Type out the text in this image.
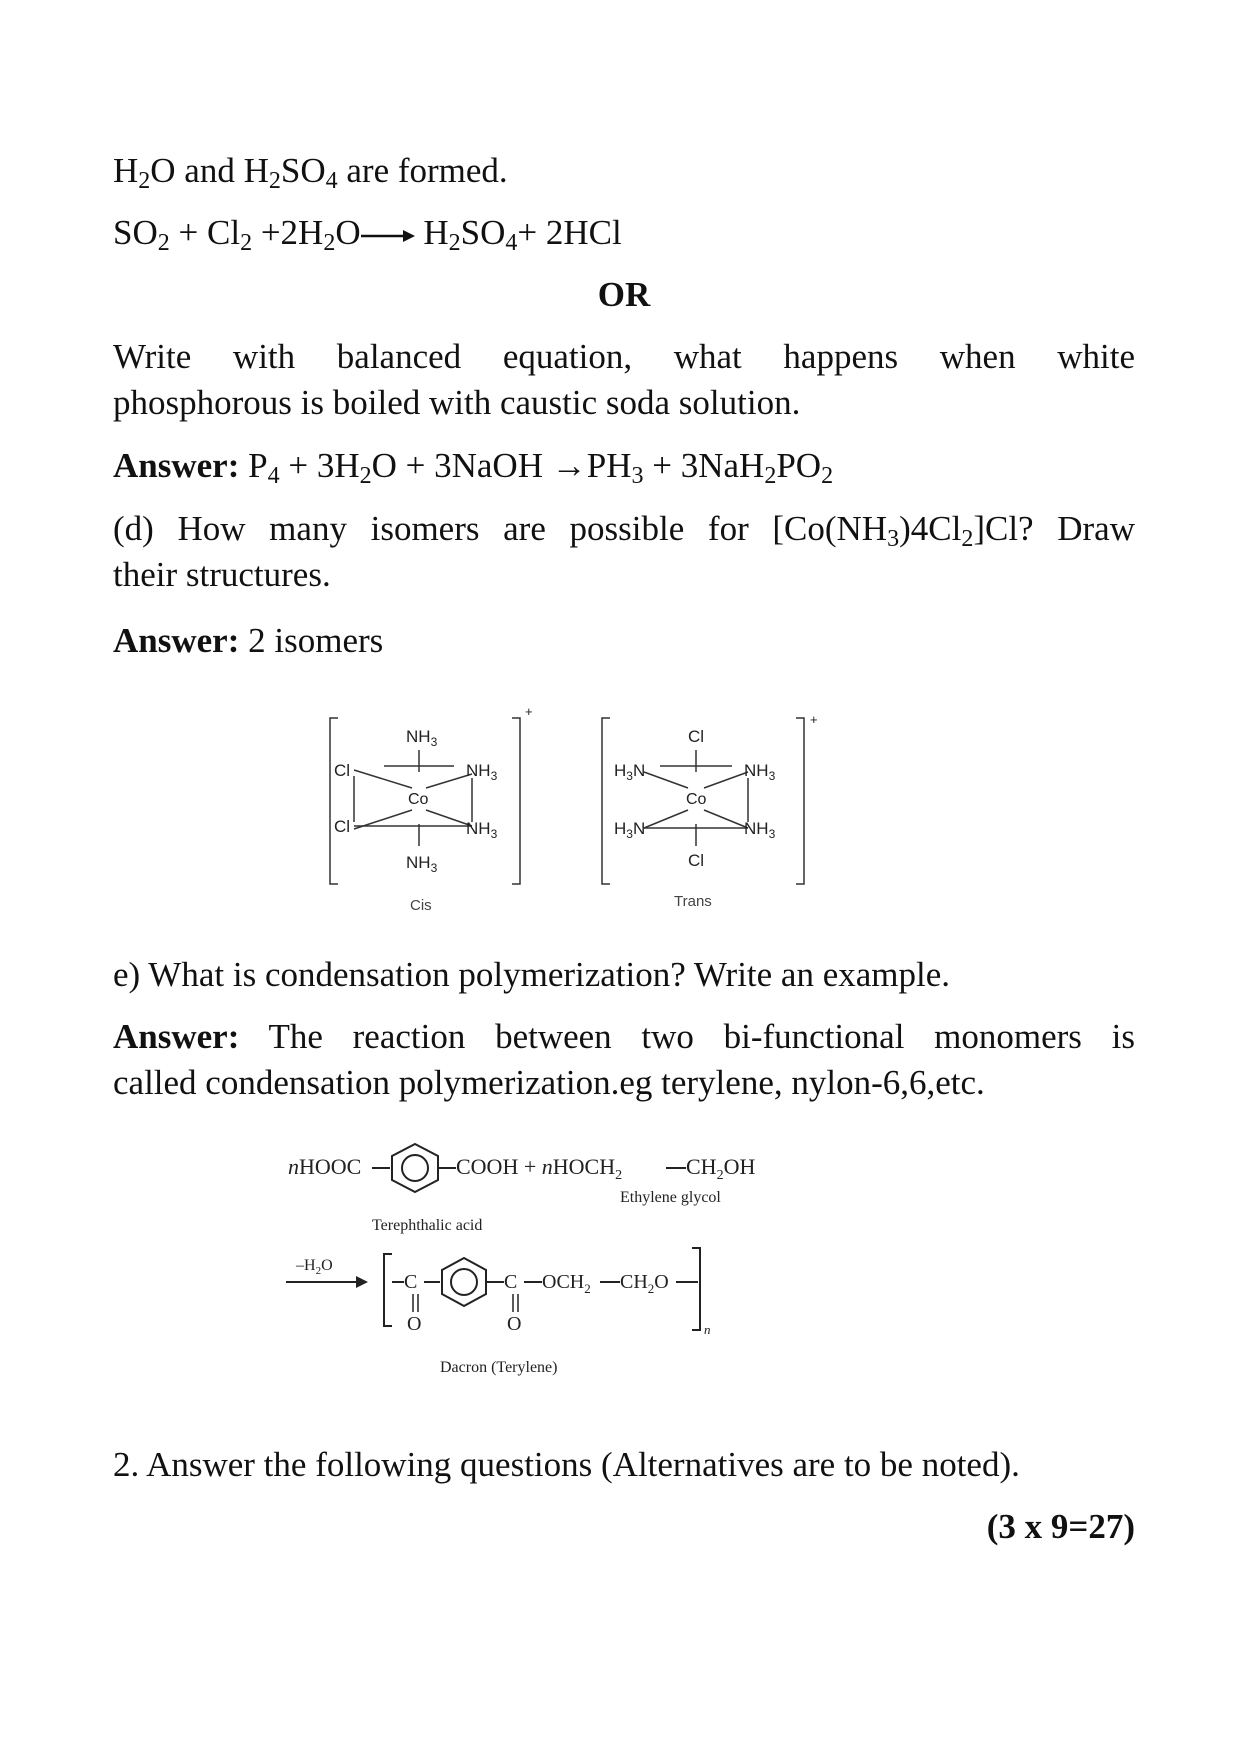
$H_2O$ and $H_2SO_4$ are formed.
$SO_2 + Cl_2 +2H_2O\to H_2SO_4+ 2HCl$
OR
Write with balanced equation, what happens when white
phosphorous is boiled with caustic soda solution.
Answer: $P_4 + 3H_2O$ + 3NaOH $\to PH_3 + 3NaH_2PO_2$
(d) How many isomers are possible for $[Co(NH_3)4Cl_2]Cl$? Draw
their structures.
Answer: 2 isomers
$NH_3$
Cl	$NH_3$
Co
Cl	$NH_3$
$NH_3$
+
Cis
Cl
$H_3N$	$NH_3$
Co
$H_3N$	$NH_3$
Cl
+
Trans
e) What is condensation polymerization? Write an example.
Answer: The reaction between two bi-functional monomers is
called condensation polymerization.eg terylene, nylon-6,6,etc.
nHOOC	COOH + nHOCH$_2$	$CH_2OH$
Ethylene glycol
Terephthalic acid
$-H_2O$
C
O
C
O
$OCH_2$ $CH_2O$
n
Dacron (Terylene)
2. Answer the following questions (Alternatives are to be noted).
(3 x 9=27)
